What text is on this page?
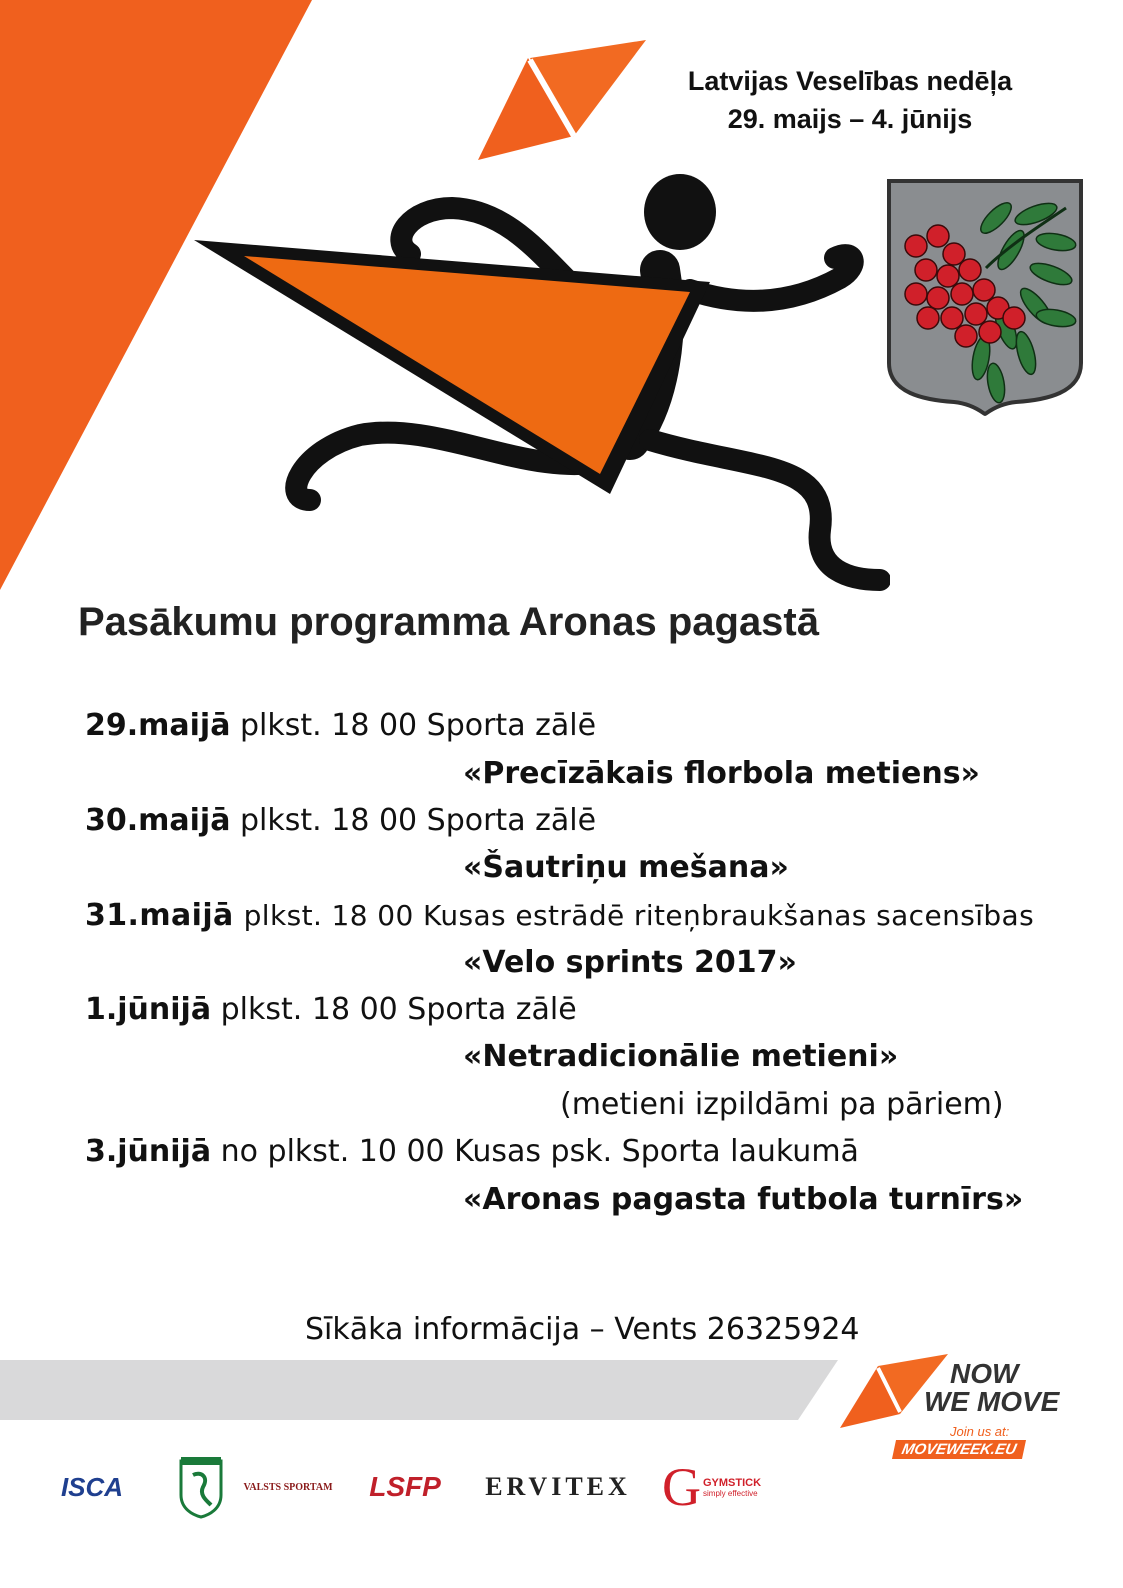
Latvijas Veselības nedēļa
29. maijs – 4. jūnijs
Pasākumu programma Aronas pagastā
29.maijā plkst. 18 00 Sporta zālē
«Precīzākais florbola metiens»
30.maijā plkst. 18 00 Sporta zālē
«Šautriņu mešana»
31.maijā plkst. 18 00 Kusas estrādē riteņbraukšanas sacensības
«Velo sprints 2017»
1.jūnijā plkst. 18 00 Sporta zālē
«Netradicionālie metieni»
(metieni izpildāmi pa pāriem)
3.jūnijā no plkst. 10 00 Kusas psk. Sporta laukumā
«Aronas pagasta futbola turnīrs»
Sīkāka informācija – Vents 26325924
NOW
WE MOVE
Join us at:
MOVEWEEK.EU
ISCA	VALSTS SPORTAM LSFP ERVITEX G GYMSTICK
simply effective
